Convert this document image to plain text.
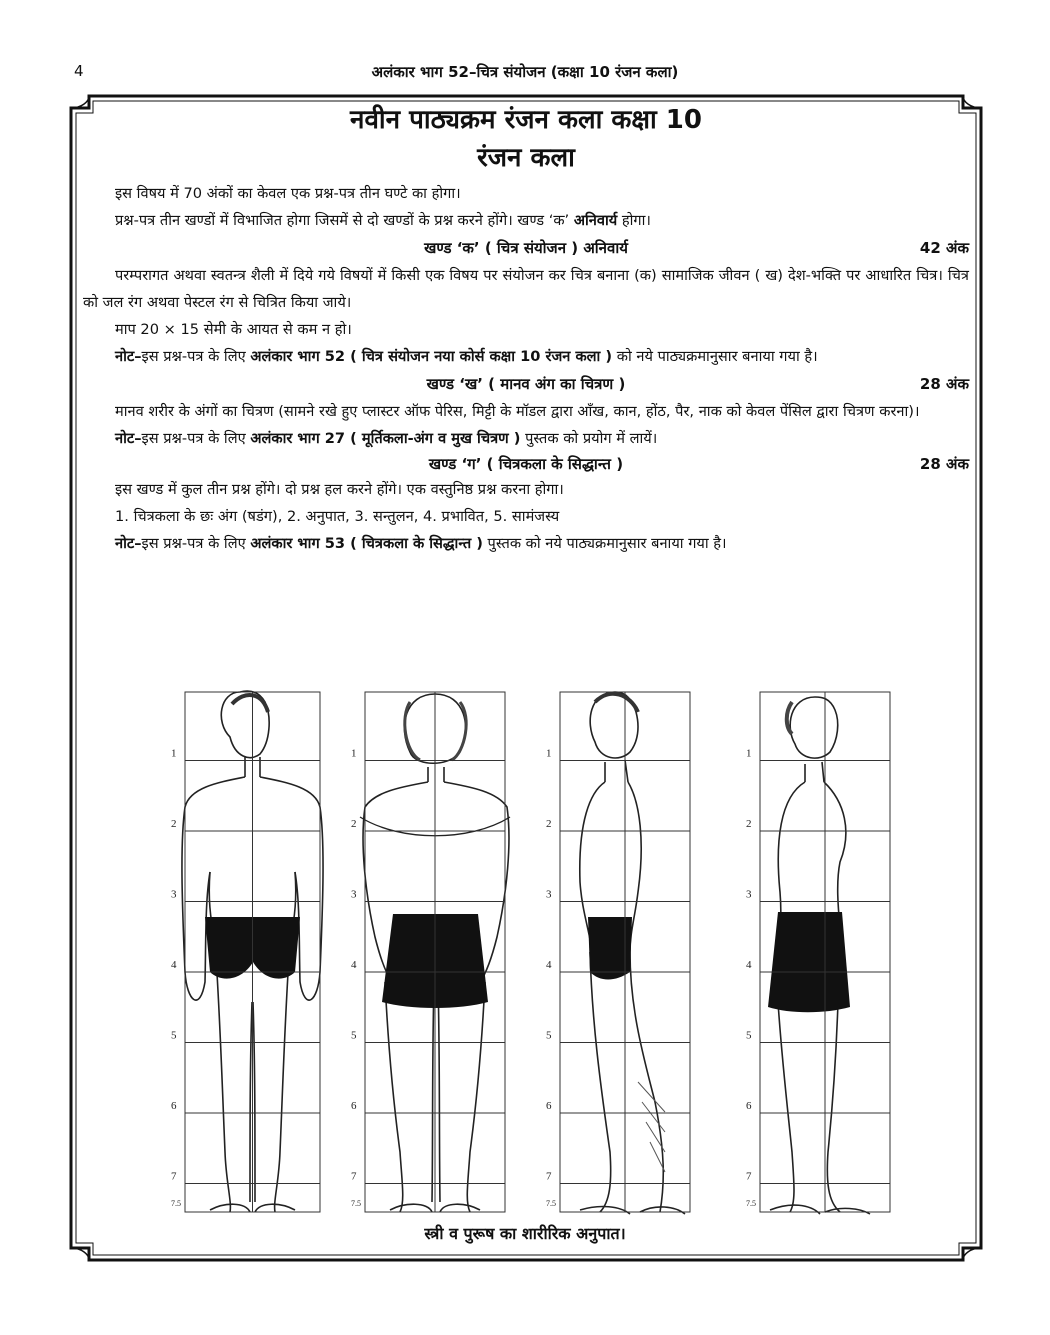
4	अलंकार भाग 52–चित्र संयोजन (कक्षा 10 रंजन कला)
नवीन पाठ्यक्रम रंजन कला कक्षा 10
रंजन कला

इस विषय में 70 अंकों का केवल एक प्रश्न-पत्र तीन घण्टे का होगा।

प्रश्न-पत्र तीन खण्डों में विभाजित होगा जिसमें से दो खण्डों के प्रश्न करने होंगे। खण्ड ‘क’ अनिवार्य होगा।

खण्ड ‘क’ ( चित्र संयोजन ) अनिवार्य	42 अंक

परम्परागत अथवा स्वतन्त्र शैली में दिये गये विषयों में किसी एक विषय पर संयोजन कर चित्र बनाना (क) सामाजिक जीवन ( ख) देश-भक्ति पर आधारित चित्र। चित्र को जल रंग अथवा पेस्टल रंग से चित्रित किया जाये।

माप 20 × 15 सेमी के आयत से कम न हो।

नोट–इस प्रश्न-पत्र के लिए अलंकार भाग 52 ( चित्र संयोजन नया कोर्स कक्षा 10 रंजन कला ) को नये पाठ्यक्रमानुसार बनाया गया है।

खण्ड ‘ख’ ( मानव अंग का चित्रण )	28 अंक

मानव शरीर के अंगों का चित्रण (सामने रखे हुए प्लास्टर ऑफ पेरिस, मिट्टी के मॉडल द्वारा आँख, कान, होंठ, पैर, नाक को केवल पेंसिल द्वारा चित्रण करना)।

नोट–इस प्रश्न-पत्र के लिए अलंकार भाग 27 ( मूर्तिकला-अंग व मुख चित्रण ) पुस्तक को प्रयोग में लायें।

खण्ड ‘ग’ ( चित्रकला के सिद्धान्त )	28 अंक

इस खण्ड में कुल तीन प्रश्न होंगे। दो प्रश्न हल करने होंगे। एक वस्तुनिष्ठ प्रश्न करना होगा।

1. चित्रकला के छः अंग (षडंग), 2. अनुपात, 3. सन्तुलन, 4. प्रभावित, 5. सामंजस्य

नोट–इस प्रश्न-पत्र के लिए अलंकार भाग 53 ( चित्रकला के सिद्धान्त ) पुस्तक को नये पाठ्यक्रमानुसार बनाया गया है।

1
2
3
4
5
6
7
7.5
1
2
3
4
5
6
7
7.5
1
2
3
4
5
6
7
7.5
1
2
3
4
5
6
7
7.5
स्त्री व पुरूष का शारीरिक अनुपात।
